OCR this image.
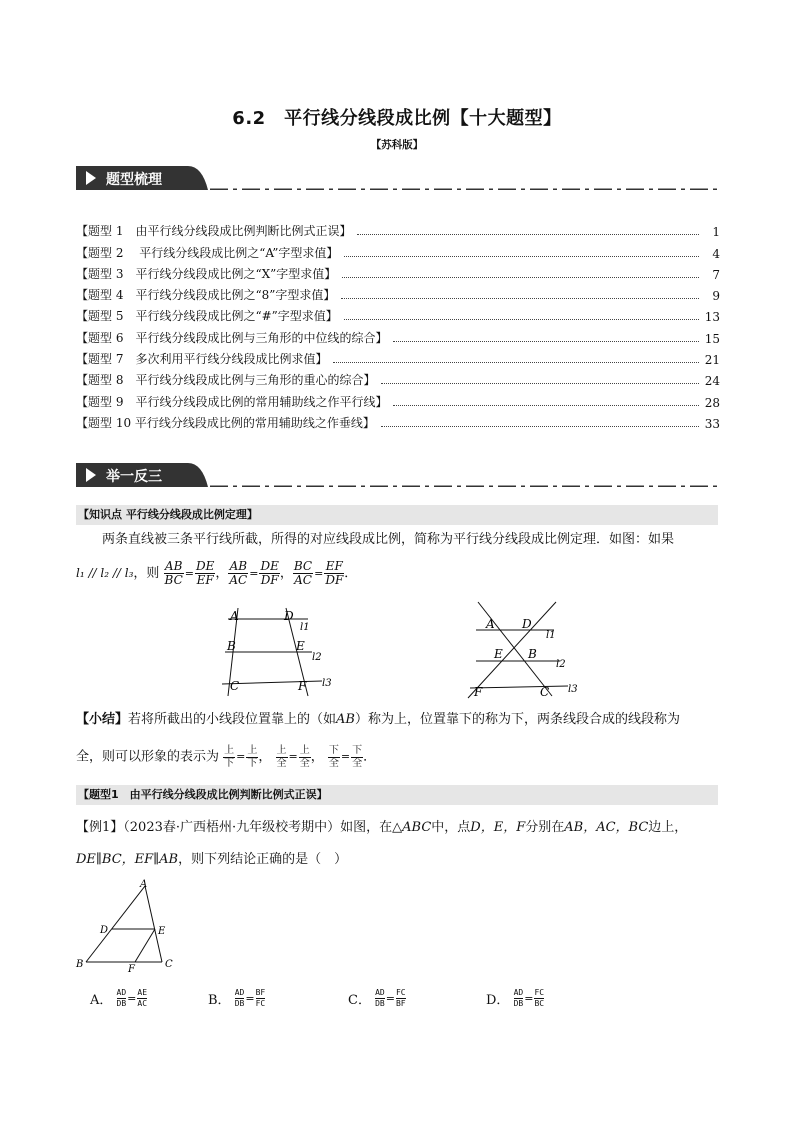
6.2　平行线分线段成比例【十大题型】
【苏科版】
题型梳理
【题型 1　由平行线分线段成比例判断比例式正误】	1
【题型 2　 平行线分线段成比例之“A”字型求值】	4
【题型 3　平行线分线段成比例之“X”字型求值】	7
【题型 4　平行线分线段成比例之“8”字型求值】	9
【题型 5　平行线分线段成比例之“#”字型求值】	13
【题型 6　平行线分线段成比例与三角形的中位线的综合】	15
【题型 7　多次利用平行线分线段成比例求值】	21
【题型 8　平行线分线段成比例与三角形的重心的综合】	24
【题型 9　平行线分线段成比例的常用辅助线之作平行线】	28
【题型 10 平行线分线段成比例的常用辅助线之作垂线】	33
举一反三
【知识点 平行线分线段成比例定理】
两条直线被三条平行线所截，所得的对应线段成比例，简称为平行线分线段成比例定理．如图：如果
l₁ // l₂ // l₃，则 $\frac{AB}{BC} = \frac{DE}{EF}$ ， $\frac{AB}{AC} = \frac{DE}{DF}$ ， $\frac{BC}{AC} = \frac{EF}{DF}$ ．
A	D
l1
B	E
l2
C	F l3
A D
l1
E B
l2
F	C l3
【小结】若将所截出的小线段位置靠上的（如AB）称为上，位置靠下的称为下，两条线段合成的线段称为
全，则可以形象的表示为 上
下 = 上
下 ， 上
全 = 上
全 ， 下
全 = 下
全 ．
【题型1　由平行线分线段成比例判断比例式正误】
【例1】（2023春·广西梧州·九年级校考期中）如图，在△ABC中，点D，E，F分别在AB，AC，BC边上，
DE∥BC，EF∥AB，则下列结论正确的是（　）
A
D	E
B	F	C
A． $\frac{AD}{DB}= \frac{AE}{AC}$	B． $\frac{AD}{DB}= \frac{BF}{FC}$	C． $\frac{AD}{DB}= \frac{FC}{BF}$	D． $\frac{AD}{DB}= \frac{FC}{BC}$
